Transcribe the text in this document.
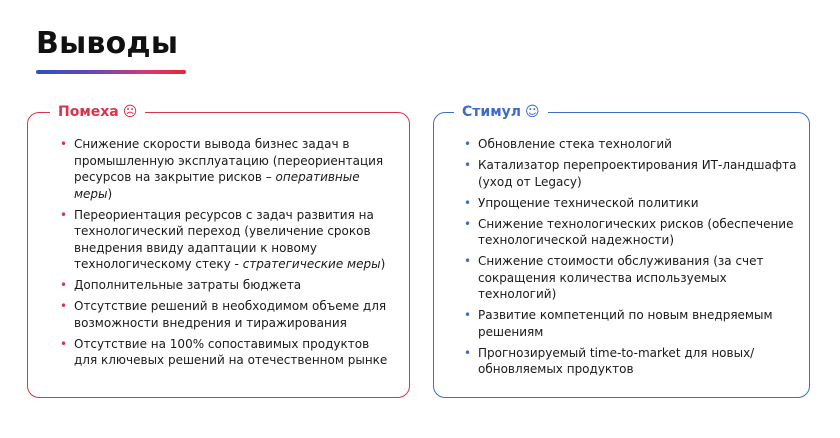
Выводы
Помеха ☹
• Снижение скорости вывода бизнес задач в промышленную эксплуатацию (переориентация ресурсов на закрытие рисков – оперативные меры)
• Переориентация ресурсов с задач развития на технологический переход (увеличение сроков внедрения ввиду адаптации к новому технологическому стеку - стратегические меры)
• Дополнительные затраты бюджета
• Отсутствие решений в необходимом объеме для возможности внедрения и тиражирования
• Отсутствие на 100% сопоставимых продуктов для ключевых решений на отечественном рынке
Стимул ☺
• Обновление стека технологий
• Катализатор перепроектирования ИТ-ландшафта (уход от Legacy)
• Упрощение технической политики
• Снижение технологических рисков (обеспечение технологической надежности)
• Снижение стоимости обслуживания (за счет сокращения количества используемых технологий)
• Развитие компетенций по новым внедряемым решениям
• Прогнозируемый time-to-market для новых/обновляемых продуктов
